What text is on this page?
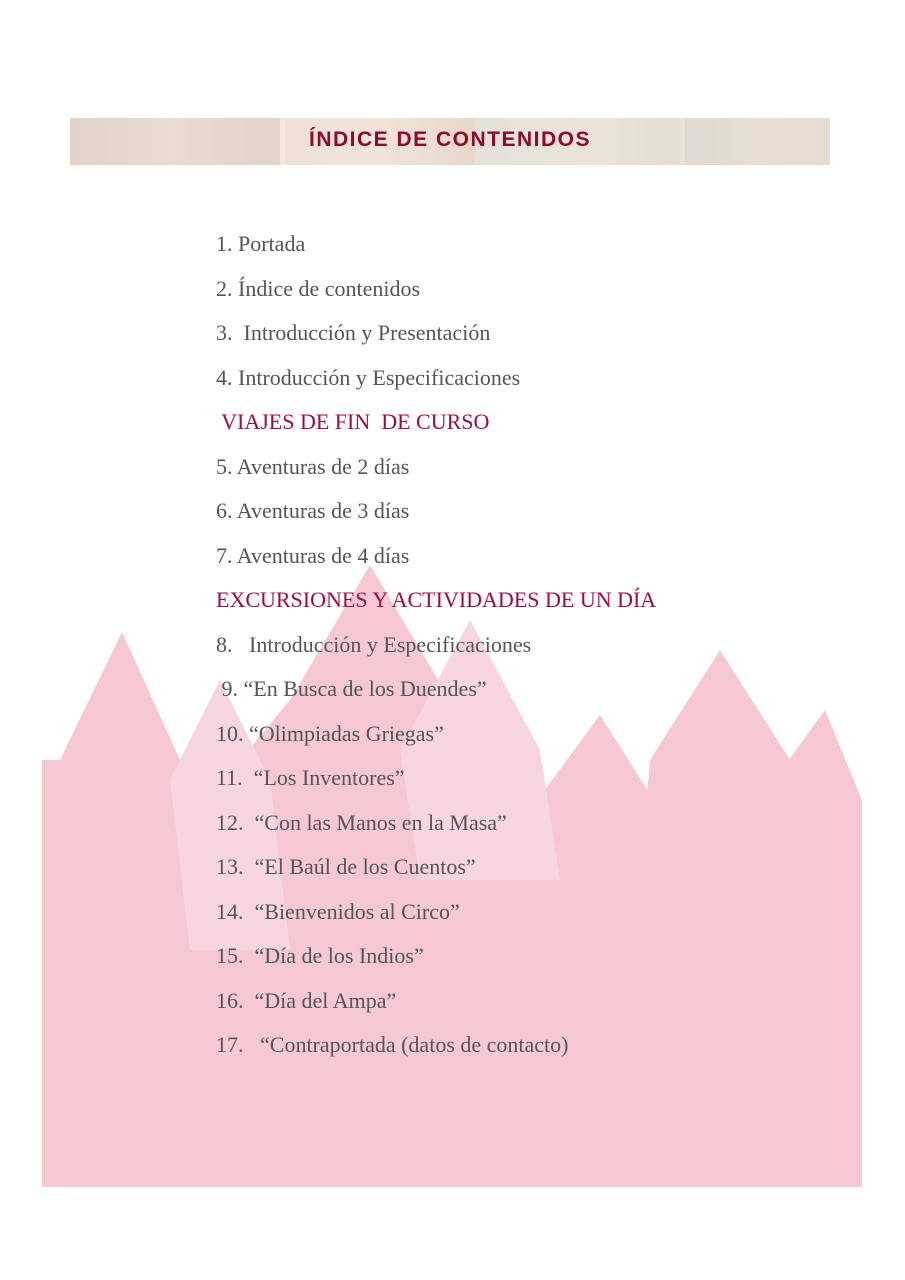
ÍNDICE DE CONTENIDOS
1. Portada
2. Índice de contenidos
3.  Introducción y Presentación
4. Introducción y Especificaciones
VIAJES DE FIN  DE CURSO
5. Aventuras de 2 días
6. Aventuras de 3 días
7. Aventuras de 4 días
EXCURSIONES Y ACTIVIDADES DE UN DÍA
8.   Introducción y Especificaciones
9. “En Busca de los Duendes”
10. “Olimpiadas Griegas”
11.  “Los Inventores”
12.  “Con las Manos en la Masa”
13.  “El Baúl de los Cuentos”
14.  “Bienvenidos al Circo”
15.  “Día de los Indios”
16.  “Día del Ampa”
17.   “Contraportada (datos de contacto)
